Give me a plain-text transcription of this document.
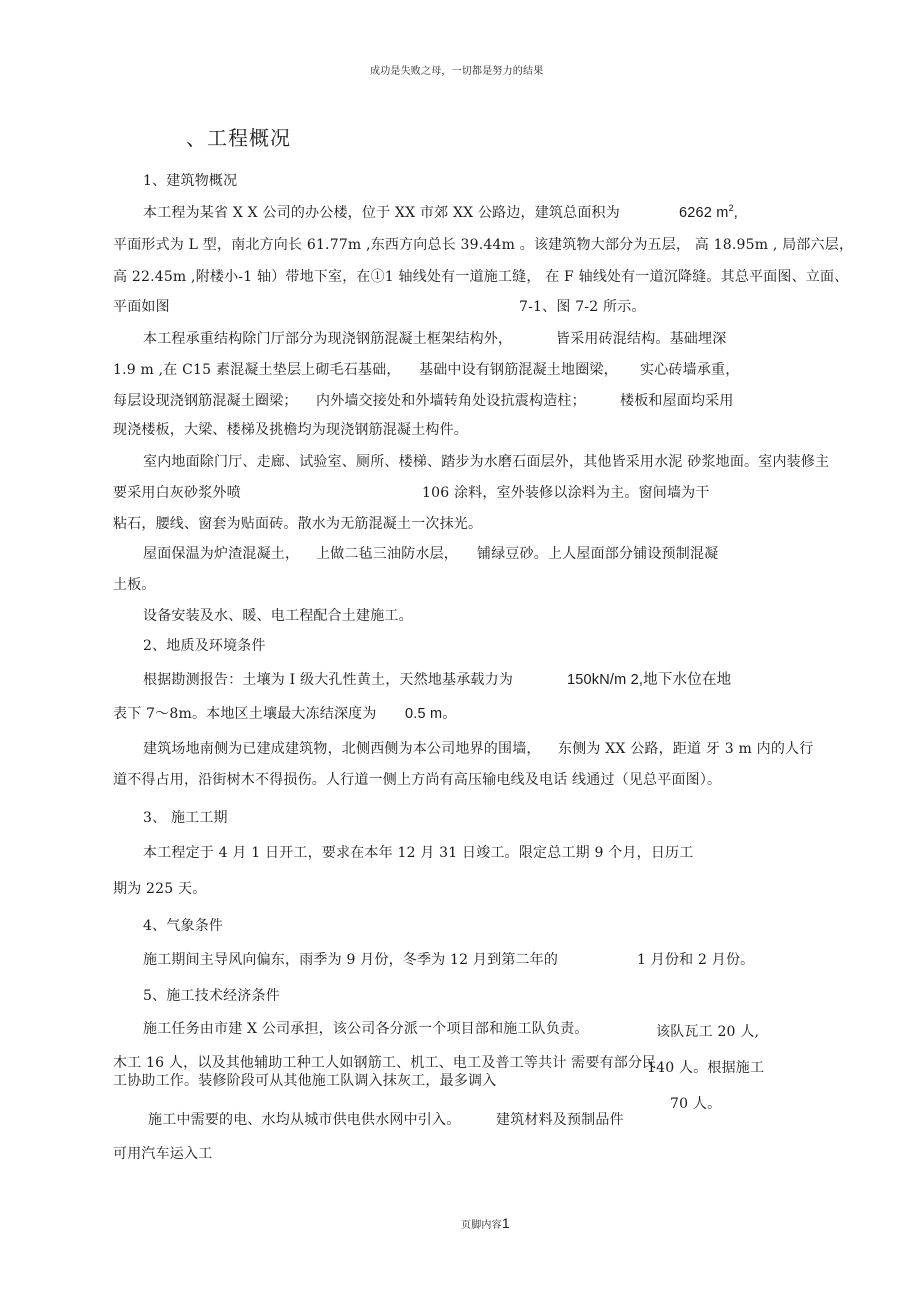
成功是失败之母，一切都是努力的结果
、工程概况
1、建筑物概况
本工程为某省 X X 公司的办公楼，位于 XX 市郊 XX 公路边，建筑总面积为	6262 $m^2$,
平面形式为 L 型，南北方向长 61.77m ,东西方向总长 39.44m 。该建筑物大部分为五层， 高 18.95m , 局部六层，
高 22.45m ,附楼小-1 轴）带地下室，在①1 轴线处有一道施工缝， 在 F 轴线处有一道沉降缝。其总平面图、立面、
平面如图	7-1、图 7-2 所示。
本工程承重结构除门厅部分为现浇钢筋混凝土框架结构外，	皆采用砖混结构。基础埋深
1.9 m ,在 C15 素混凝土垫层上砌毛石基础， 基础中设有钢筋混凝土地圈梁， 实心砖墙承重，
每层设现浇钢筋混凝土圈梁； 内外墙交接处和外墙转角处设抗震构造柱； 楼板和屋面均采用
现浇楼板，大梁、楼梯及挑檐均为现浇钢筋混凝土构件。
室内地面除门厅、走廊、试验室、厕所、楼梯、踏步为水磨石面层外，其他皆采用水泥 砂浆地面。室内装修主
要采用白灰砂浆外喷	106 涂料，室外装修以涂料为主。窗间墙为干
粘石，腰线、窗套为贴面砖。散水为无筋混凝土一次抹光。
屋面保温为炉渣混凝土， 上做二毡三油防水层， 铺绿豆砂。上人屋面部分铺设预制混凝
土板。
设备安装及水、暖、电工程配合土建施工。
2、地质及环境条件
根据勘测报告：土壤为 I 级大孔性黄土，天然地基承载力为	150kN/m 2,地下水位在地
表下 7～8m。本地区土壤最大冻结深度为 0.5 m。
建筑场地南侧为已建成建筑物，北侧西侧为本公司地界的围墙， 东侧为 XX 公路，距道 牙 3 m 内的人行
道不得占用，沿街树木不得损伤。人行道一侧上方尚有高压输电线及电话 线通过（见总平面图）。
3、 施工工期
本工程定于 4 月 1 日开工，要求在本年 12 月 31 日竣工。限定总工期 9 个月，日历工
期为 225 天。
4、气象条件
施工期间主导风向偏东，雨季为 9 月份，冬季为 12 月到第二年的	1 月份和 2 月份。
5、施工技术经济条件
施工任务由市建 X 公司承担，该公司各分派一个项目部和施工队负责。	该队瓦工 20 人,
木工 16 人，以及其他辅助工种工人如钢筋工、机工、电工及普工等共计 需要有部分民
140 人。根据施工
工协助工作。装修阶段可从其他施工队调入抹灰工，最多调入
70 人。
施工中需要的电、水均从城市供电供水网中引入。	建筑材料及预制品件
可用汽车运入工
页脚内容1
